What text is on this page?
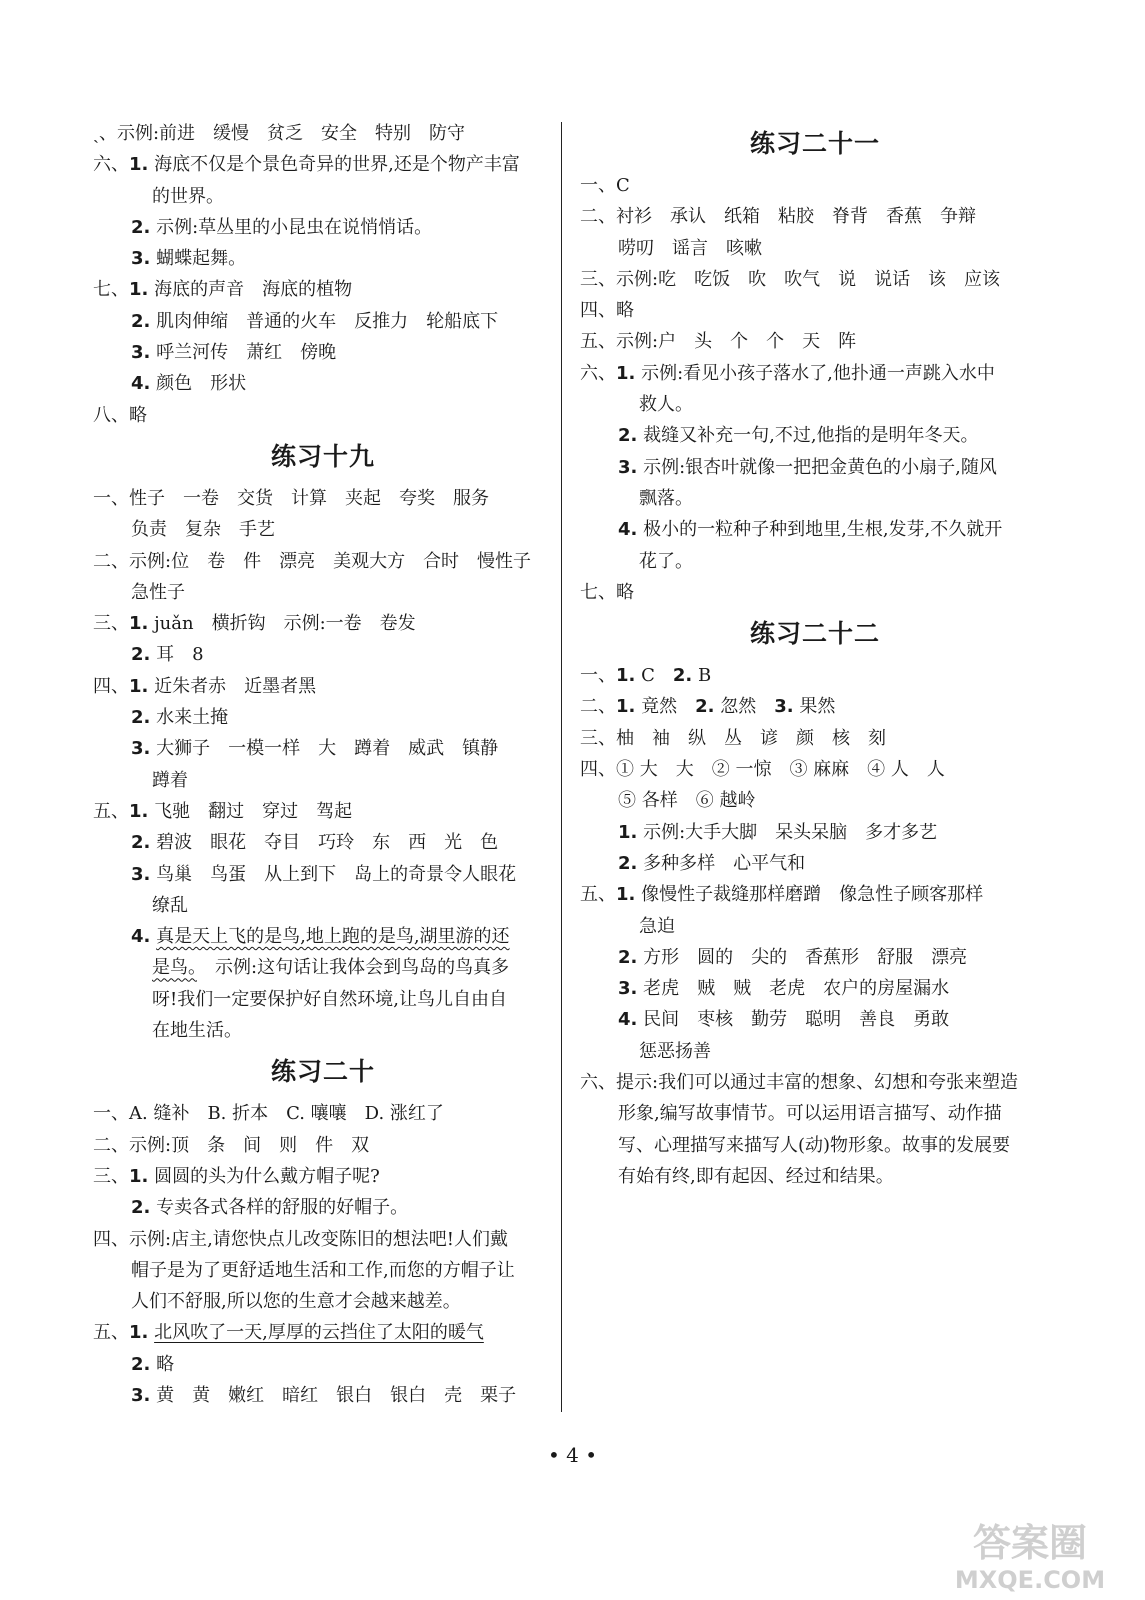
ˎ、示例:前进　缓慢　贫乏　安全　特别　防守
六、1. 海底不仅是个景色奇异的世界,还是个物产丰富
的世界。
2. 示例:草丛里的小昆虫在说悄悄话。
3. 蝴蝶起舞。
七、1. 海底的声音　海底的植物
2. 肌肉伸缩　普通的火车　反推力　轮船底下
3. 呼兰河传　萧红　傍晚
4. 颜色　形状
八、略
练习十九
一、性子　一卷　交货　计算　夹起　夸奖　服务
负责　复杂　手艺
二、示例:位　卷　件　漂亮　美观大方　合时　慢性子
急性子
三、1. juǎn　横折钩　示例:一卷　卷发
2. 耳　8
四、1. 近朱者赤　近墨者黑
2. 水来土掩
3. 大狮子　一模一样　大　蹲着　威武　镇静
蹲着
五、1. 飞驰　翻过　穿过　驾起
2. 碧波　眼花　夺目　巧玲　东　西　光　色
3. 鸟巢　鸟蛋　从上到下　岛上的奇景令人眼花
缭乱
4. 真是天上飞的是鸟,地上跑的是鸟,湖里游的还
是鸟。　示例:这句话让我体会到鸟岛的鸟真多
呀!我们一定要保护好自然环境,让鸟儿自由自
在地生活。
练习二十
一、A. 缝补　B. 折本　C. 嚷嚷　D. 涨红了
二、示例:顶　条　间　则　件　双
三、1. 圆圆的头为什么戴方帽子呢?
2. 专卖各式各样的舒服的好帽子。
四、示例:店主,请您快点儿改变陈旧的想法吧!人们戴
帽子是为了更舒适地生活和工作,而您的方帽子让
人们不舒服,所以您的生意才会越来越差。
五、1. 北风吹了一天,厚厚的云挡住了太阳的暖气
2. 略
3. 黄　黄　嫩红　暗红　银白　银白　壳　栗子
练习二十一
一、C
二、衬衫　承认　纸箱　粘胶　脊背　香蕉　争辩
唠叨　谣言　咳嗽
三、示例:吃　吃饭　吹　吹气　说　说话　该　应该
四、略
五、示例:户　头　个　个　天　阵
六、1. 示例:看见小孩子落水了,他扑通一声跳入水中
救人。
2. 裁缝又补充一句,不过,他指的是明年冬天。
3. 示例:银杏叶就像一把把金黄色的小扇子,随风
飘落。
4. 极小的一粒种子种到地里,生根,发芽,不久就开
花了。
七、略
练习二十二
一、1. C　2. B
二、1. 竟然　2. 忽然　3. 果然
三、柚　袖　纵　丛　谚　颜　核　刻
四、① 大　大　② 一惊　③ 麻麻　④ 人　人
⑤ 各样　⑥ 越岭
1. 示例:大手大脚　呆头呆脑　多才多艺
2. 多种多样　心平气和
五、1. 像慢性子裁缝那样磨蹭　像急性子顾客那样
急迫
2. 方形　圆的　尖的　香蕉形　舒服　漂亮
3. 老虎　贼　贼　老虎　农户的房屋漏水
4. 民间　枣核　勤劳　聪明　善良　勇敢
惩恶扬善
六、提示:我们可以通过丰富的想象、幻想和夸张来塑造
形象,编写故事情节。可以运用语言描写、动作描
写、心理描写来描写人(动)物形象。故事的发展要
有始有终,即有起因、经过和结果。
• 4 •
答案圈
MXQE.COM
